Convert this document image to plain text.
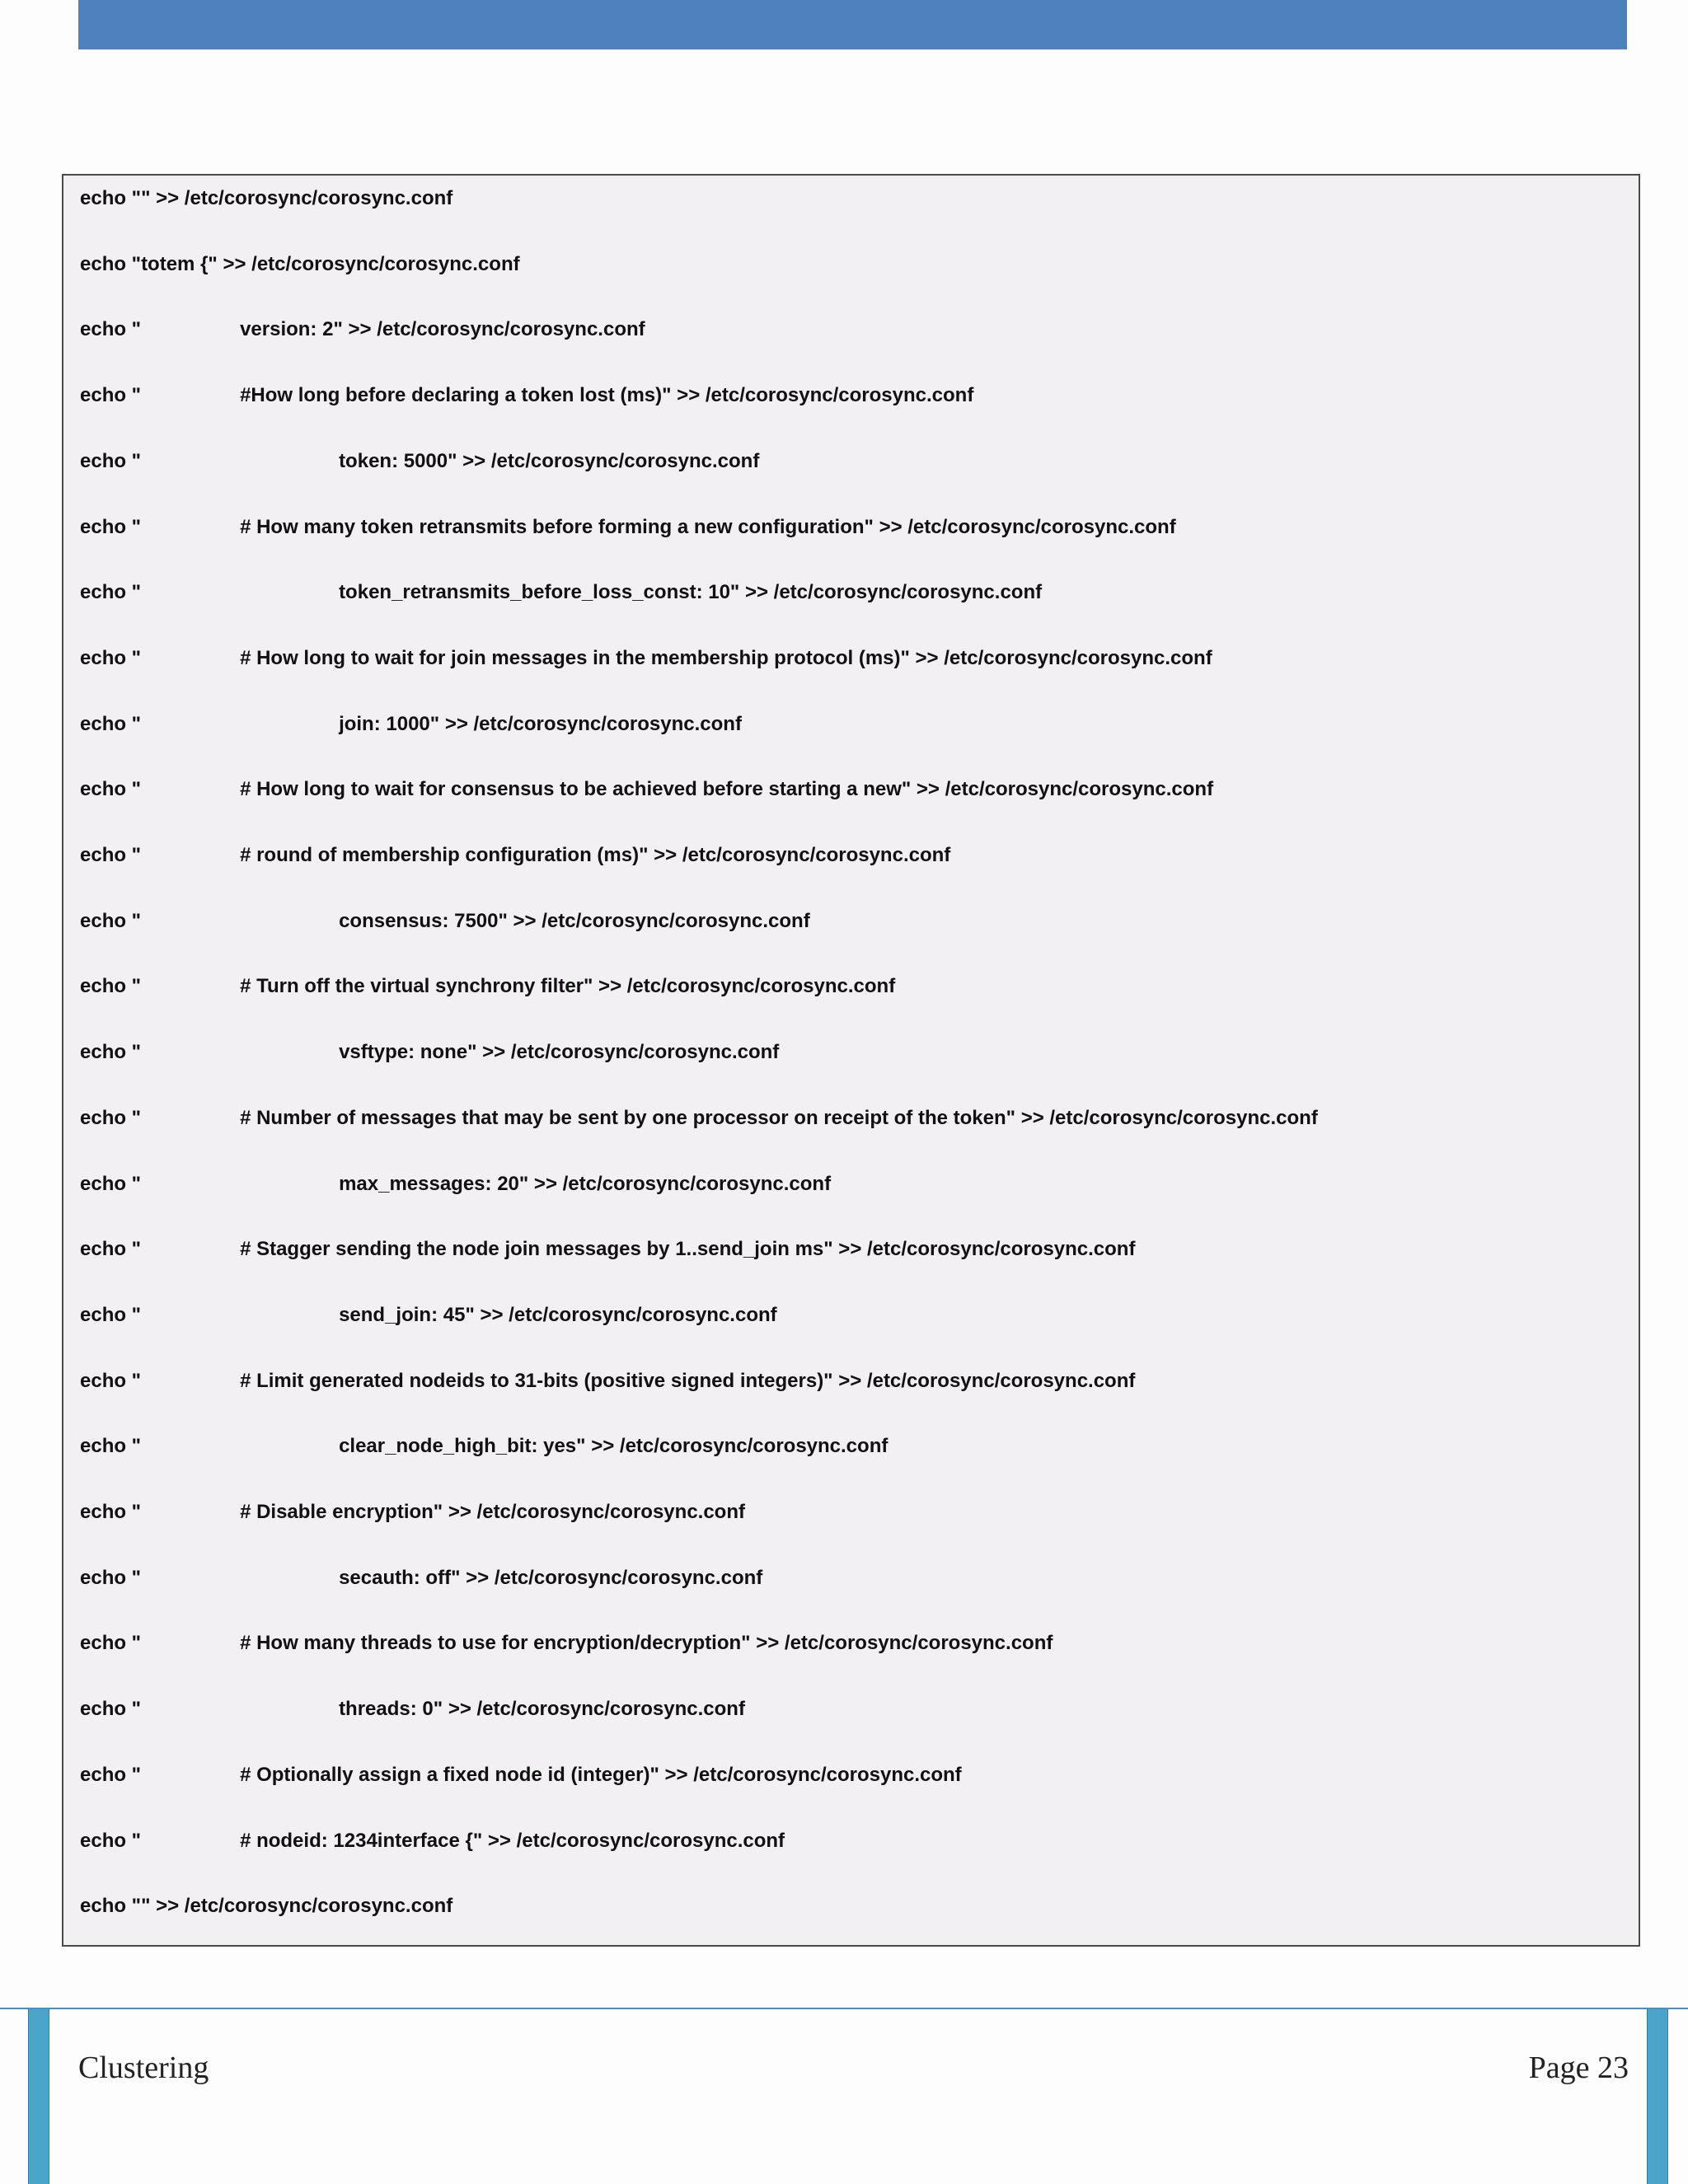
echo "" >> /etc/corosync/corosync.conf
echo "totem {" >> /etc/corosync/corosync.conf
echo "	version: 2" >> /etc/corosync/corosync.conf
echo "	#How long before declaring a token lost (ms)" >> /etc/corosync/corosync.conf
echo "	token: 5000" >> /etc/corosync/corosync.conf
echo "	# How many token retransmits before forming a new configuration" >> /etc/corosync/corosync.conf
echo "	token_retransmits_before_loss_const: 10" >> /etc/corosync/corosync.conf
echo "	# How long to wait for join messages in the membership protocol (ms)" >> /etc/corosync/corosync.conf
echo "	join: 1000" >> /etc/corosync/corosync.conf
echo "	# How long to wait for consensus to be achieved before starting a new" >> /etc/corosync/corosync.conf
echo "	# round of membership configuration (ms)" >> /etc/corosync/corosync.conf
echo "	consensus: 7500" >> /etc/corosync/corosync.conf
echo "	# Turn off the virtual synchrony filter" >> /etc/corosync/corosync.conf
echo "	vsftype: none" >> /etc/corosync/corosync.conf
echo "	# Number of messages that may be sent by one processor on receipt of the token" >> /etc/corosync/corosync.conf
echo "	max_messages: 20" >> /etc/corosync/corosync.conf
echo "	# Stagger sending the node join messages by 1..send_join ms" >> /etc/corosync/corosync.conf
echo "	send_join: 45" >> /etc/corosync/corosync.conf
echo "	# Limit generated nodeids to 31-bits (positive signed integers)" >> /etc/corosync/corosync.conf
echo "	clear_node_high_bit: yes" >> /etc/corosync/corosync.conf
echo "	# Disable encryption" >> /etc/corosync/corosync.conf
echo "	secauth: off" >> /etc/corosync/corosync.conf
echo "	# How many threads to use for encryption/decryption" >> /etc/corosync/corosync.conf
echo "	threads: 0" >> /etc/corosync/corosync.conf
echo "	# Optionally assign a fixed node id (integer)" >> /etc/corosync/corosync.conf
echo "	# nodeid: 1234interface {" >> /etc/corosync/corosync.conf
echo "" >> /etc/corosync/corosync.conf
Clustering	Page 23
